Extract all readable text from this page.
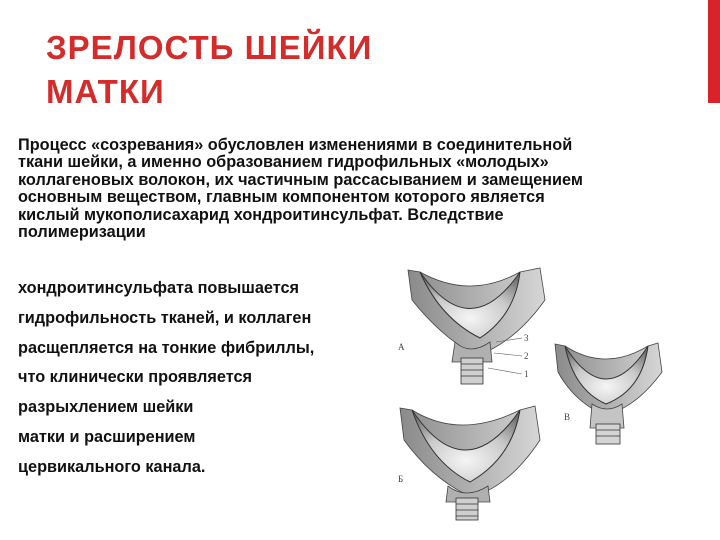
ЗРЕЛОСТЬ ШЕЙКИ
МАТКИ

Процесс «созревания» обусловлен изменениями в соединительной ткани шейки, а именно образованием гидрофильных «молодых» коллагеновых волокон, их частичным рассасыванием и замещением основным веществом, главным компонентом которого является кислый мукополисахарид хондроитинсульфат. Вследствие полимеризации

хондроитинсульфата повышается
гидрофильность тканей, и коллаген
расщепляется на тонкие фибриллы,
что клинически проявляется
разрыхлением шейки
матки и расширением
цервикального канала.
А
3
2
1
Б
В
